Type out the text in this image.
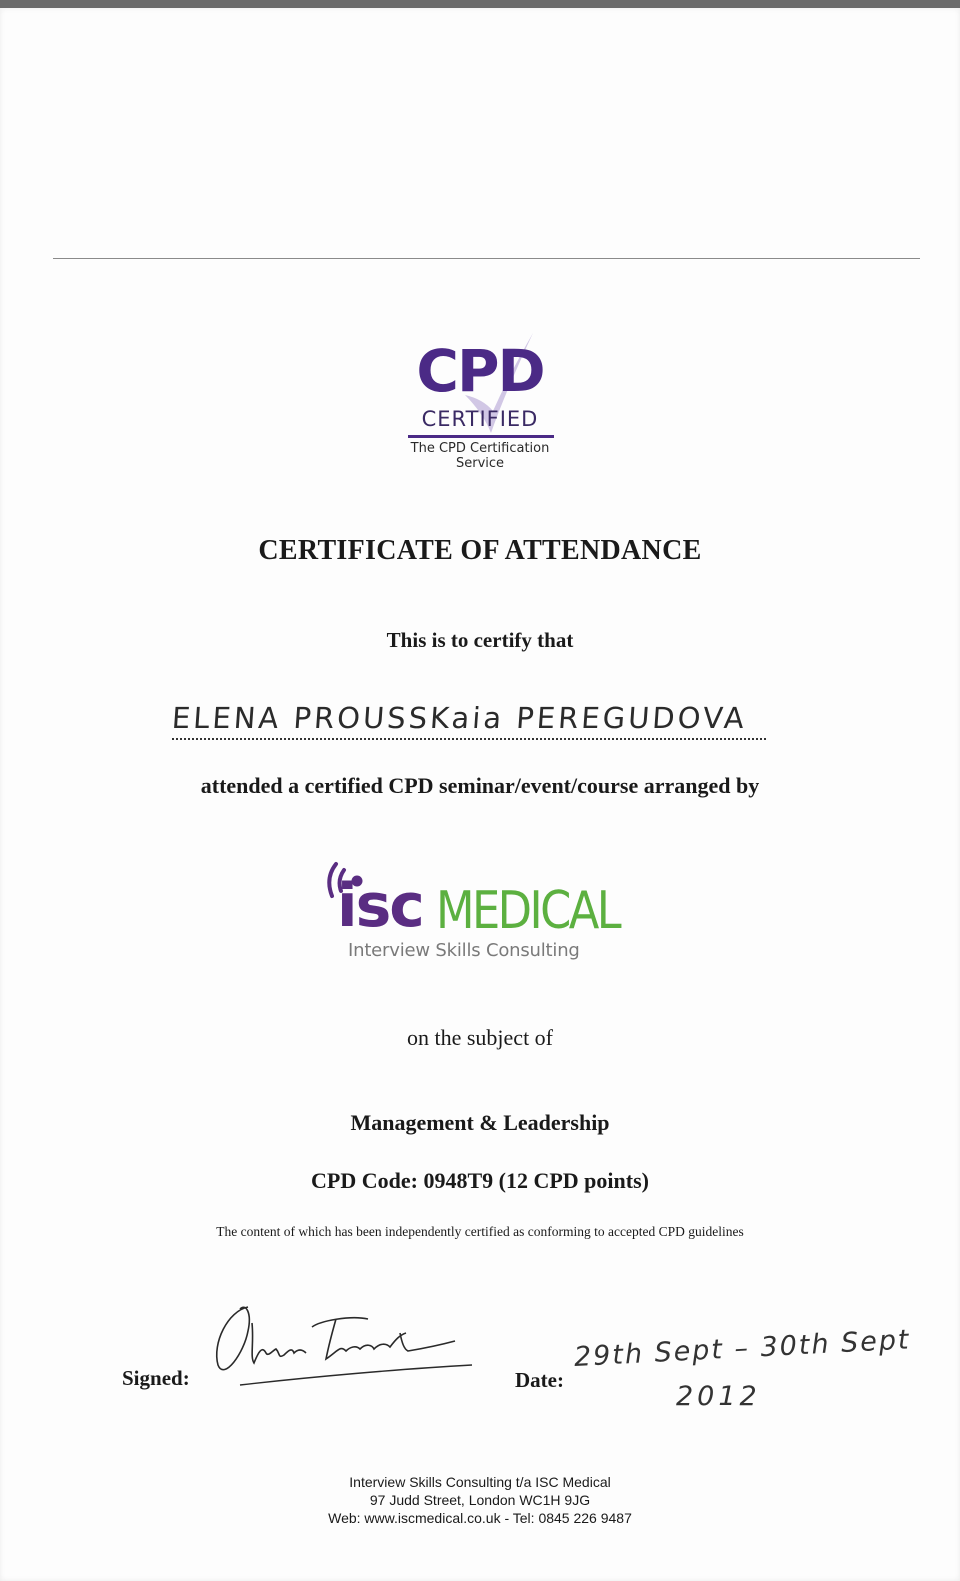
CPD
CERTIFIED
The CPD Certification
Service
CERTIFICATE OF ATTENDANCE
This is to certify that
ELENA PROUSSKaia PEREGUDOVA
attended a certified CPD seminar/event/course arranged by
isc MEDICAL
Interview Skills Consulting
on the subject of
Management & Leadership
CPD Code: 0948T9 (12 CPD points)
The content of which has been independently certified as conforming to accepted CPD guidelines
Signed:	Date:
29th Sept – 30th Sept
2012
Interview Skills Consulting t/a ISC Medical
97 Judd Street, London WC1H 9JG
Web: www.iscmedical.co.uk - Tel: 0845 226 9487
